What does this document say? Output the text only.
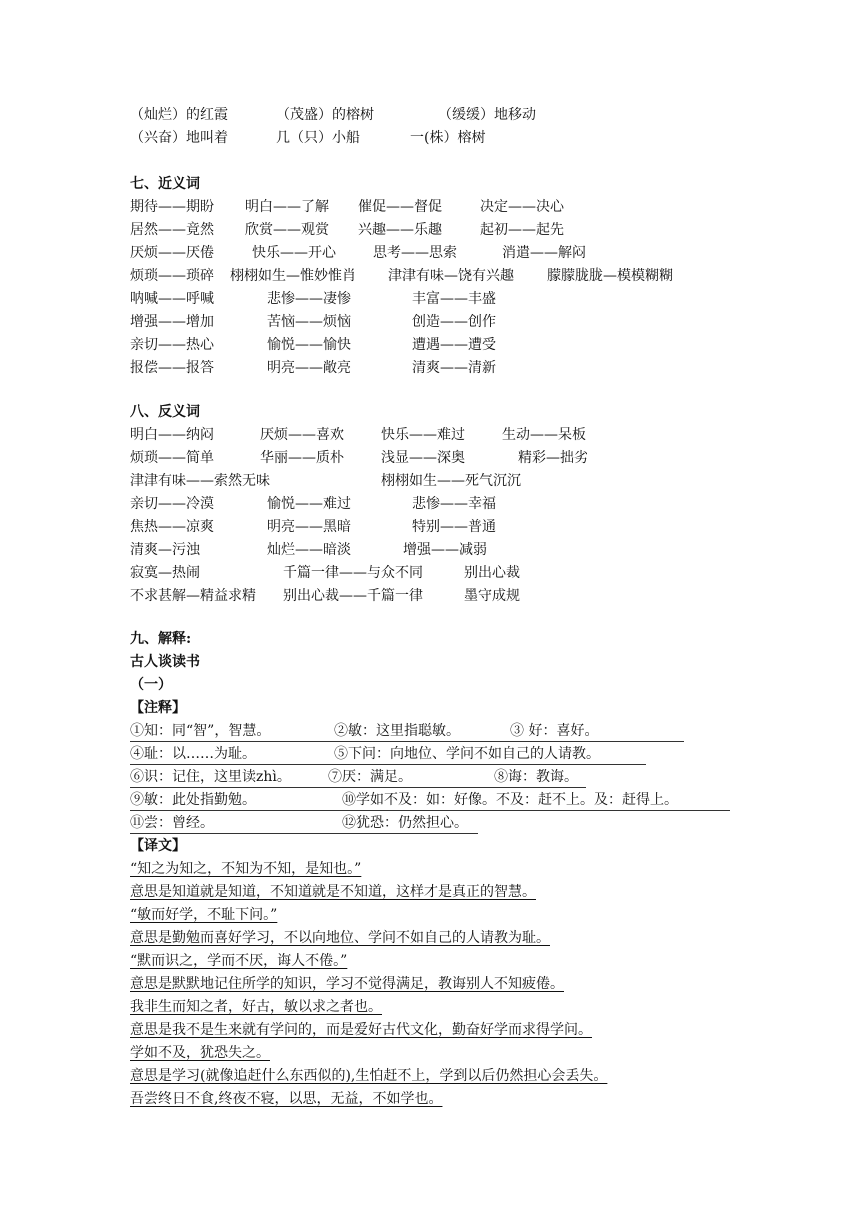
（灿烂）的红霞	（茂盛）的榕树	（缓缓）地移动
（兴奋）地叫着	几（只）小船	一(株）榕树
七、近义词
期待——期盼 明白——了解 催促——督促	决定——决心
居然——竟然 欣赏——观赏 兴趣——乐趣	起初——起先
厌烦——厌倦	快乐——开心	思考——思索	消遣——解闷
烦琐——琐碎 栩栩如生—惟妙惟肖 津津有味—饶有兴趣 朦朦胧胧—模模糊糊
呐喊——呼喊	悲惨——凄惨	丰富——丰盛
增强——增加	苦恼——烦恼	创造——创作
亲切——热心	愉悦——愉快	遭遇——遭受
报偿——报答	明亮——敞亮	清爽——清新
八、反义词
明白——纳闷	厌烦——喜欢	快乐——难过	生动——呆板
烦琐——简单	华丽——质朴	浅显——深奥	精彩—拙劣
津津有味——索然无味	栩栩如生——死气沉沉
亲切——冷漠	愉悦——难过	悲惨——幸福
焦热——凉爽	明亮——黑暗	特别——普通
清爽—污浊	灿烂——暗淡	增强——减弱
寂寞—热闹	千篇一律——与众不同	别出心裁
不求甚解—精益求精 别出心裁——千篇一律	墨守成规
九、解释:
古人谈读书
（一）
【注释】
①知：同“智”，智慧。	②敏：这里指聪敏。	③ 好：喜好。
④耻：以……为耻。	⑤下问：向地位、学问不如自己的人请教。
⑥识：记住，这里读zhì。	⑦厌：满足。	⑧诲：教诲。
⑨敏：此处指勤勉。	⑩学如不及：如：好像。不及：赶不上。及：赶得上。
⑪尝：曾经。	⑫犹恐：仍然担心。
【译文】
“知之为知之，不知为不知，是知也。”
意思是知道就是知道，不知道就是不知道，这样才是真正的智慧。
“敏而好学，不耻下问。”
意思是勤勉而喜好学习，不以向地位、学问不如自己的人请教为耻。
“默而识之，学而不厌，诲人不倦。”
意思是默默地记住所学的知识，学习不觉得满足，教诲别人不知疲倦。
我非生而知之者，好古，敏以求之者也。
意思是我不是生来就有学问的，而是爱好古代文化，勤奋好学而求得学问。
学如不及，犹恐失之。
意思是学习(就像追赶什么东西似的),生怕赶不上，学到以后仍然担心会丢失。
吾尝终日不食,终夜不寝，以思，无益，不如学也。
